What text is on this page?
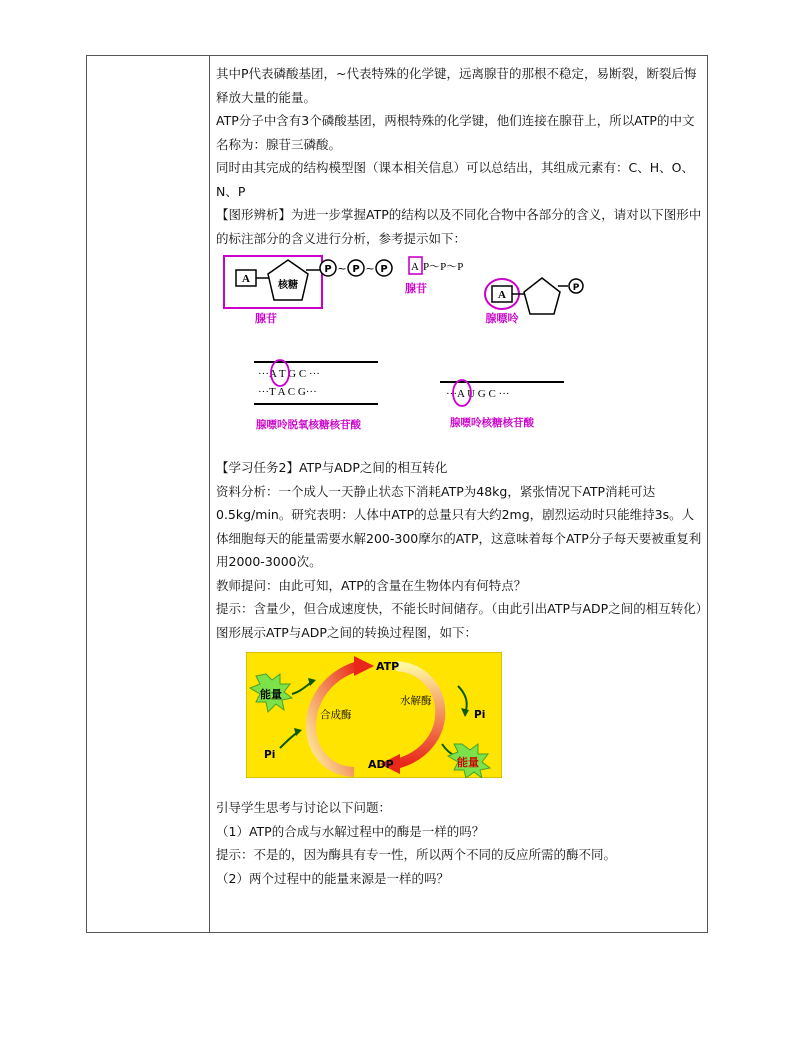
其中P代表磷酸基团，~代表特殊的化学键，远离腺苷的那根不稳定，易断裂，断裂后悔释放大量的能量。

ATP分子中含有3个磷酸基团，两根特殊的化学键，他们连接在腺苷上，所以ATP的中文名称为：腺苷三磷酸。

同时由其完成的结构模型图（课本相关信息）可以总结出，其组成元素有：C、H、O、N、P

【图形辨析】为进一步掌握ATP的结构以及不同化合物中各部分的含义，请对以下图形中的标注部分的含义进行分析，参考提示如下：

A
核糖
P ~ P ~ P
腺苷
A P～P～P
腺苷	A
P
腺嘌呤
···A T G C ···
···T A C G···
腺嘌呤脱氧核糖核苷酸
···A U G C ···
腺嘌呤核糖核苷酸

【学习任务2】ATP与ADP之间的相互转化

资料分析：一个成人一天静止状态下消耗ATP为48kg，紧张情况下ATP消耗可达0.5kg/min。研究表明：人体中ATP的总量只有大约2mg，剧烈运动时只能维持3s。人体细胞每天的能量需要水解200-300摩尔的ATP，这意味着每个ATP分子每天要被重复利用2000-3000次。

教师提问：由此可知，ATP的含量在生物体内有何特点？

提示：含量少，但合成速度快，不能长时间储存。（由此引出ATP与ADP之间的相互转化）

图形展示ATP与ADP之间的转换过程图，如下：

ATP
ADP
合成酶
水解酶
能量
Pi
Pi
能量

引导学生思考与讨论以下问题：

（1）ATP的合成与水解过程中的酶是一样的吗？

提示：不是的，因为酶具有专一性，所以两个不同的反应所需的酶不同。

（2）两个过程中的能量来源是一样的吗？
